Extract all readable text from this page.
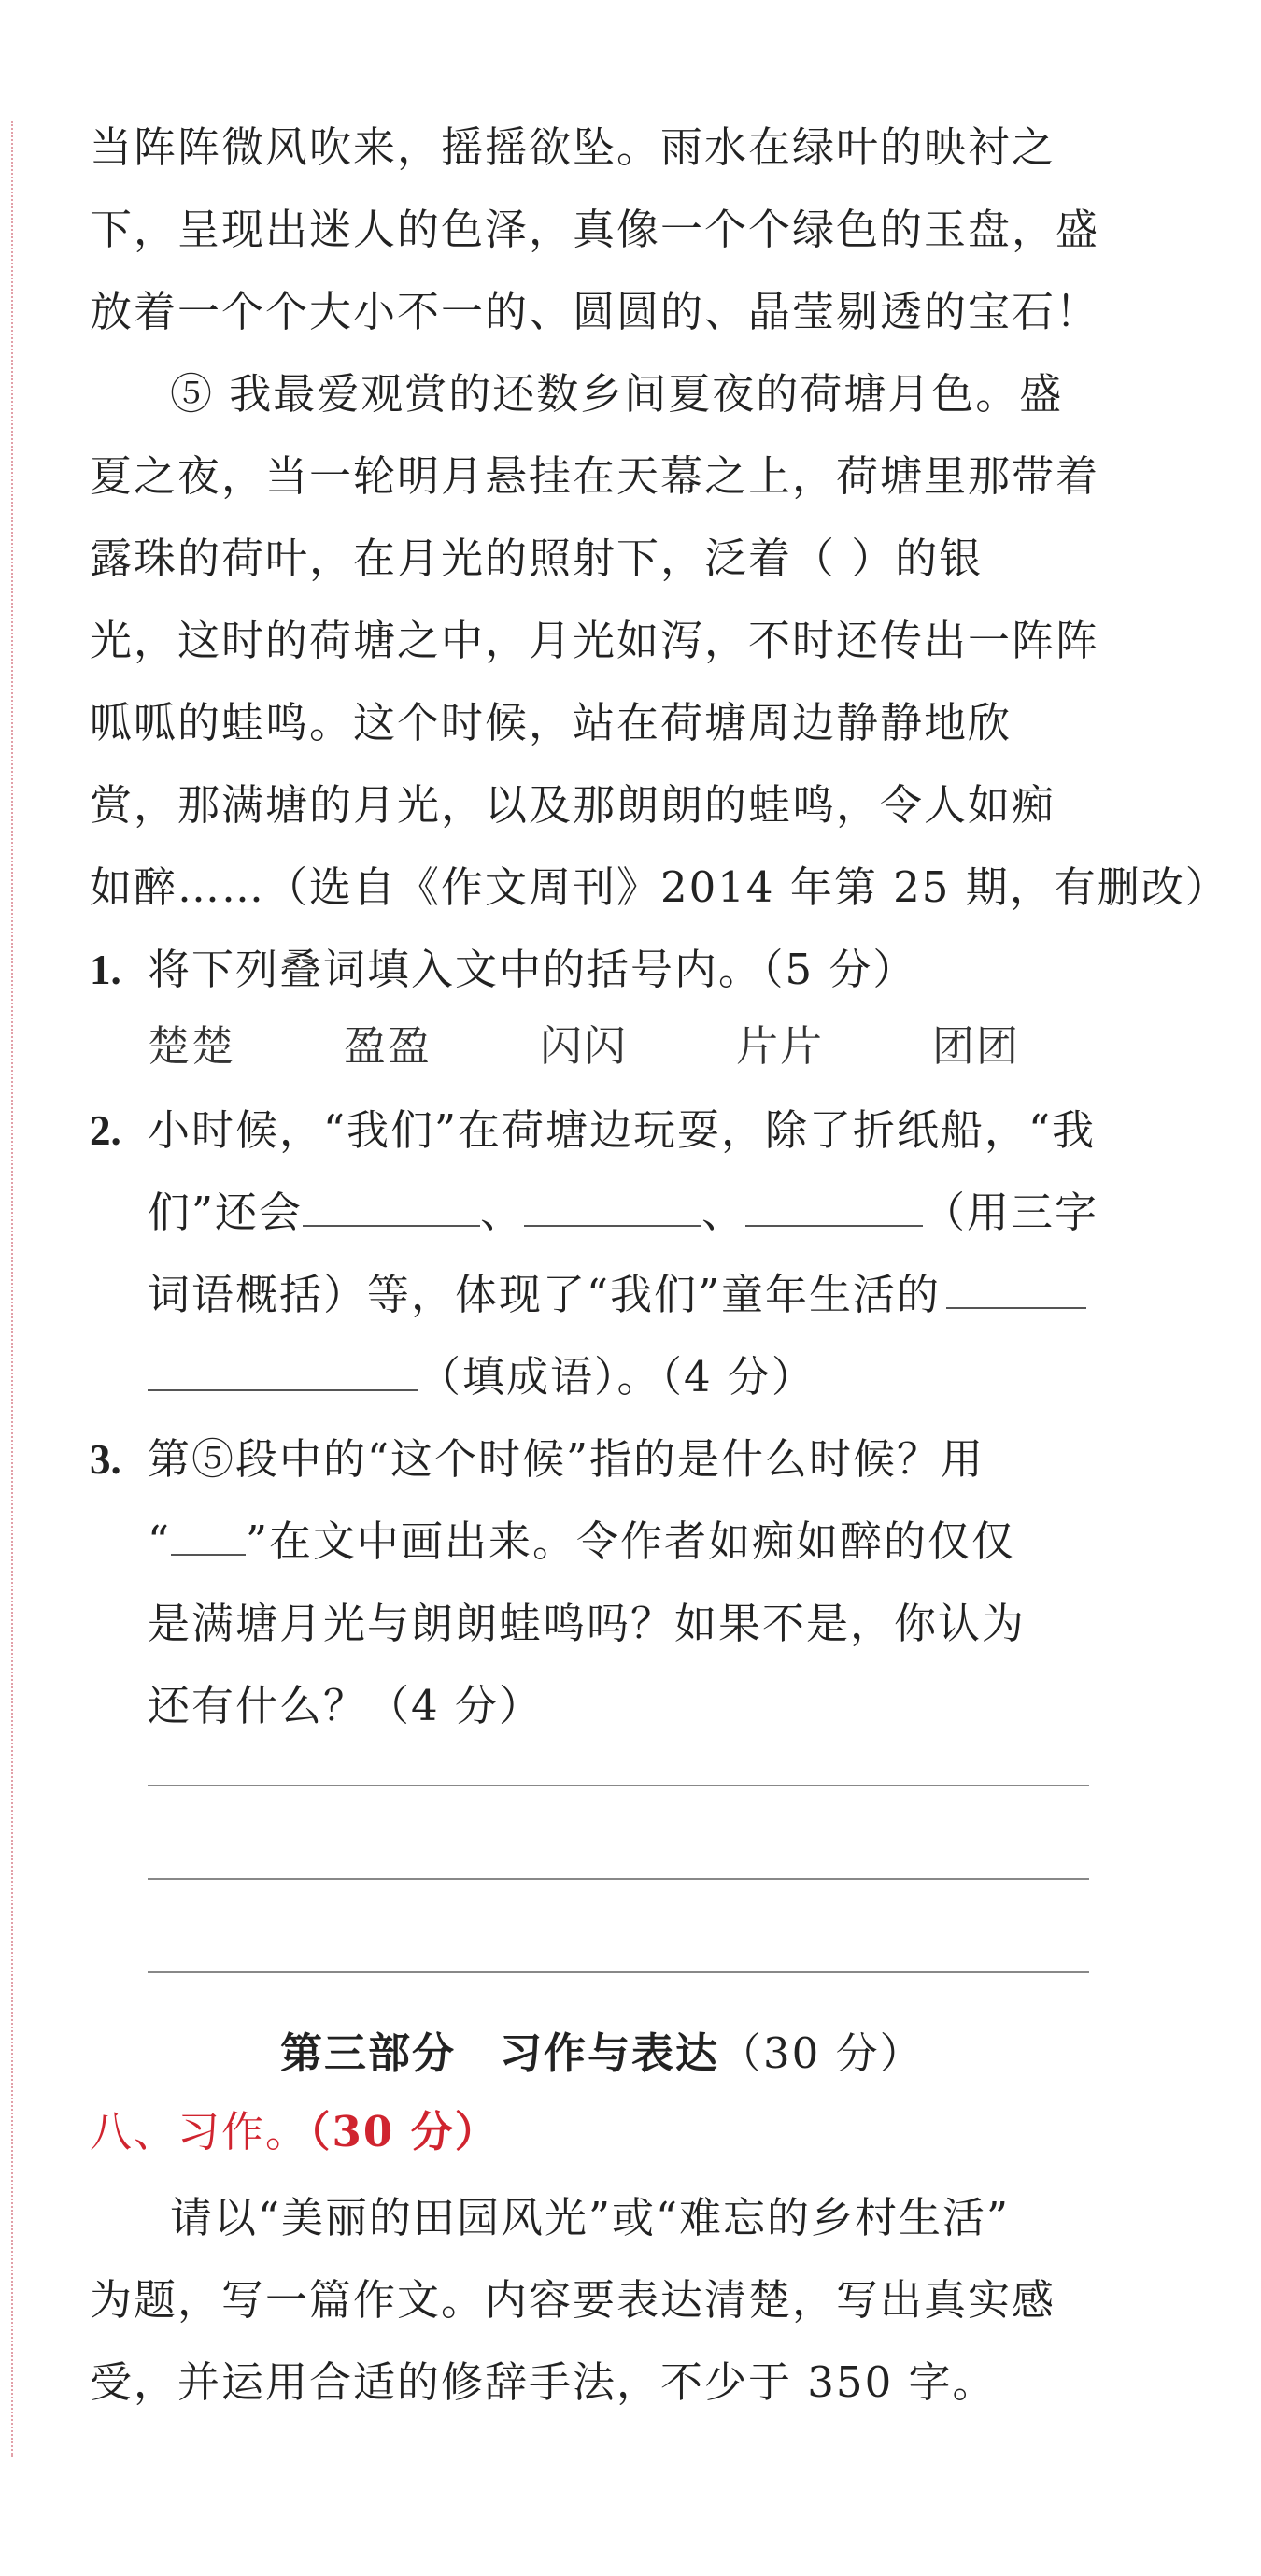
当阵阵微风吹来，摇摇欲坠。雨水在绿叶的映衬之
下，呈现出迷人的色泽，真像一个个绿色的玉盘，盛
放着一个个大小不一的、圆圆的、晶莹剔透的宝石！
⑤ 我最爱观赏的还数乡间夏夜的荷塘月色。盛
夏之夜，当一轮明月悬挂在天幕之上，荷塘里那带着
露珠的荷叶，在月光的照射下，泛着（ ）的银
光，这时的荷塘之中，月光如泻，不时还传出一阵阵
呱呱的蛙鸣。这个时候，站在荷塘周边静静地欣
赏，那满塘的月光，以及那朗朗的蛙鸣，令人如痴
如醉……（选自《作文周刊》2014 年第 25 期，有删改）
1. 将下列叠词填入文中的括号内。（5 分）
楚楚	盈盈	闪闪	片片	团团
2. 小时候，“我们”在荷塘边玩耍，除了折纸船，“我
们”还会	、	、	（用三字
词语概括）等，体现了“我们”童年生活的
（填成语）。（4 分）
3. 第⑤段中的“这个时候”指的是什么时候？用
“ ”在文中画出来。令作者如痴如醉的仅仅
是满塘月光与朗朗蛙鸣吗？如果不是，你认为
还有什么？（4 分）
第三部分　习作与表达（30 分）
八、习作。（30 分）
请以“美丽的田园风光”或“难忘的乡村生活”
为题，写一篇作文。内容要表达清楚，写出真实感
受，并运用合适的修辞手法，不少于 350 字。
